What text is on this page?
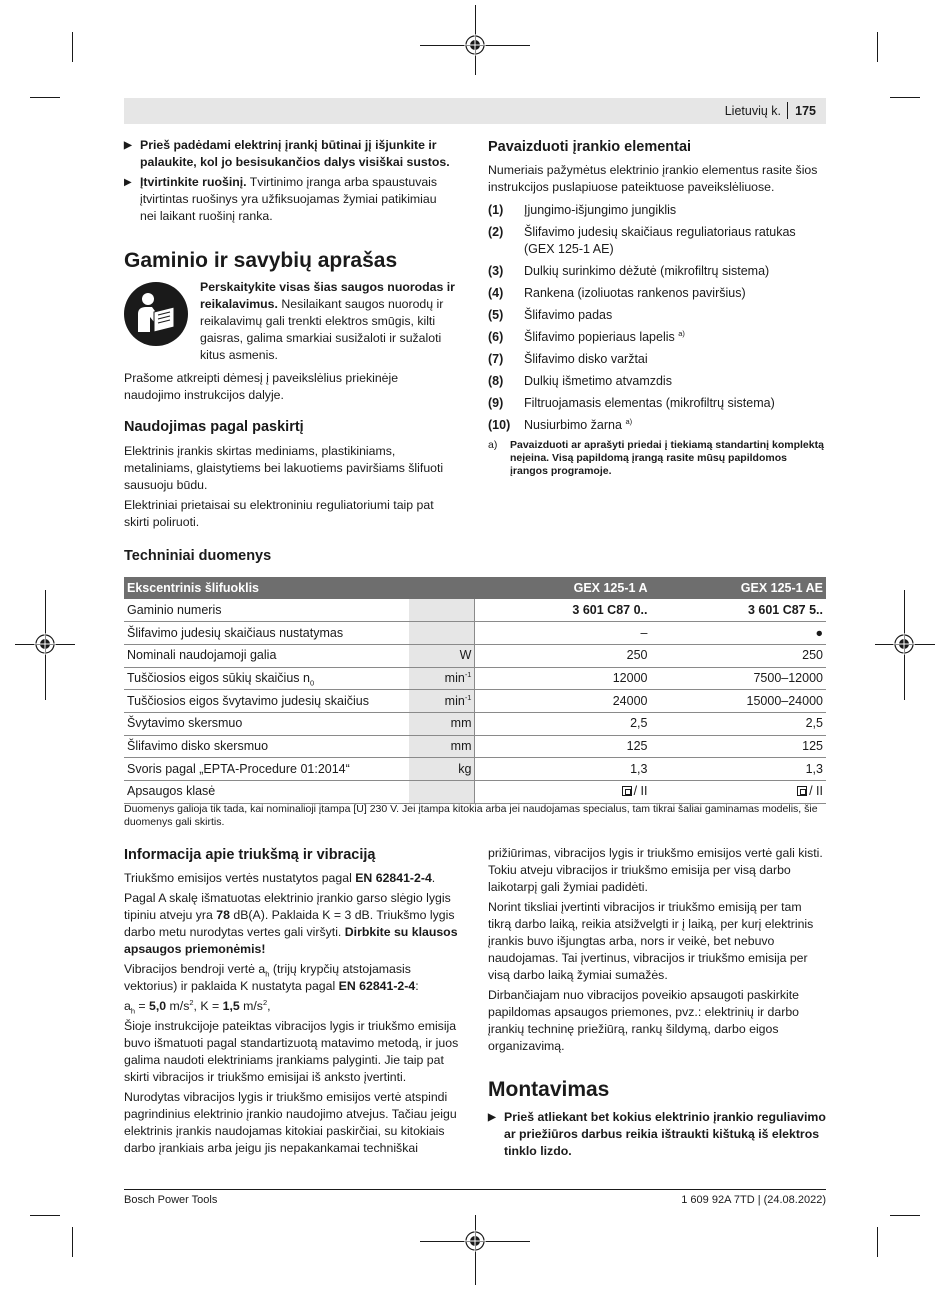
Lietuvių k. 175
▶ Prieš padėdami elektrinį įrankį būtinai jį išjunkite ir palaukite, kol jo besisukančios dalys visiškai sustos.
▶ Įtvirtinkite ruošinį. Tvirtinimo įranga arba spaustuvais įtvirtintas ruošinys yra užfiksuojamas žymiai patikimiau nei laikant ruošinį ranka.
Gaminio ir savybių aprašas

Perskaitykite visas šias saugos nuorodas ir reikalavimus. Nesilaikant saugos nuorodų ir reikalavimų gali trenkti elektros smūgis, kilti gaisras, galima smarkiai susižaloti ir sužaloti kitus asmenis.

Prašome atkreipti dėmesį į paveikslėlius priekinėje naudojimo instrukcijos dalyje.

Naudojimas pagal paskirtį

Elektrinis įrankis skirtas mediniams, plastikiniams, metaliniams, glaistytiems bei lakuotiems paviršiams šlifuoti sausuoju būdu.

Elektriniai prietaisai su elektroniniu reguliatoriumi taip pat skirti poliruoti.

Pavaizduoti įrankio elementai

Numeriais pažymėtus elektrinio įrankio elementus rasite šios instrukcijos puslapiuose pateiktuose paveikslėliuose.

(1) Įjungimo-išjungimo jungiklis
(2) Šlifavimo judesių skaičiaus reguliatoriaus ratukas (GEX 125-1 AE)
(3) Dulkių surinkimo dėžutė (mikrofiltrų sistema)
(4) Rankena (izoliuotas rankenos paviršius)
(5) Šlifavimo padas
(6) Šlifavimo popieriaus lapelis $^{a)}$
(7) Šlifavimo disko varžtai
(8) Dulkių išmetimo atvamzdis
(9) Filtruojamasis elementas (mikrofiltrų sistema)
(10) Nusiurbimo žarna $^{a)}$
a) Pavaizduoti ar aprašyti priedai į tiekiamą standartinį komplektą neįeina. Visą papildomą įrangą rasite mūsų papildomos įrangos programoje.
Techniniai duomenys
Ekscentrinis šlifuoklis		GEX 125-1 A	GEX 125-1 AE
Gaminio numeris		3 601 C87 0..	3 601 C87 5..
Šlifavimo judesių skaičiaus nustatymas		–	●
Nominali naudojamoji galia	W	250	250
Tuščiosios eigos sūkių skaičius $n_0$	$\min^{-1}$	12000	7500–12000
Tuščiosios eigos švytavimo judesių skaičius	$\min^{-1}$	24000	15000–24000
Švytavimo skersmuo	mm	2,5	2,5
Šlifavimo disko skersmuo	mm	125	125
Svoris pagal „EPTA-Procedure 01:2014“	kg	1,3	1,3
Apsaugos klasė		/ II	/ II
Duomenys galioja tik tada, kai nominalioji įtampa [U] 230 V. Jei įtampa kitokia arba jei naudojamas specialus, tam tikrai šaliai gaminamas modelis, šie duomenys gali skirtis.
Informacija apie triukšmą ir vibraciją

Triukšmo emisijos vertės nustatytos pagal EN 62841-2-4.

Pagal A skalę išmatuotas elektrinio įrankio garso slėgio lygis tipiniu atveju yra 78 dB(A). Paklaida K = 3 dB. Triukšmo lygis darbo metu nurodytas vertes gali viršyti. Dirbkite su klausos apsaugos priemonėmis!

Vibracijos bendroji vertė $a_h$ (trijų krypčių atstojamasis vektorius) ir paklaida K nustatyta pagal EN 62841-2-4:

$a_h = 5,0$ $m/s^2$, K = 1,5 $m/s^2$,

Šioje instrukcijoje pateiktas vibracijos lygis ir triukšmo emisija buvo išmatuoti pagal standartizuotą matavimo metodą, ir juos galima naudoti elektriniams įrankiams palyginti. Jie taip pat skirti vibracijos ir triukšmo emisijai iš anksto įvertinti.

Nurodytas vibracijos lygis ir triukšmo emisijos vertė atspindi pagrindinius elektrinio įrankio naudojimo atvejus. Tačiau jeigu elektrinis įrankis naudojamas kitokiai paskirčiai, su kitokiais darbo įrankiais arba jeigu jis nepakankamai techniškai

prižiūrimas, vibracijos lygis ir triukšmo emisijos vertė gali kisti. Tokiu atveju vibracijos ir triukšmo emisija per visą darbo laikotarpį gali žymiai padidėti.

Norint tiksliai įvertinti vibracijos ir triukšmo emisiją per tam tikrą darbo laiką, reikia atsižvelgti ir į laiką, per kurį elektrinis įrankis buvo išjungtas arba, nors ir veikė, bet nebuvo naudojamas. Tai įvertinus, vibracijos ir triukšmo emisija per visą darbo laiką žymiai sumažės.

Dirbančiajam nuo vibracijos poveikio apsaugoti paskirkite papildomas apsaugos priemones, pvz.: elektrinių ir darbo įrankių techninę priežiūrą, rankų šildymą, darbo eigos organizavimą.

Montavimas
▶ Prieš atliekant bet kokius elektrinio įrankio reguliavimo ar priežiūros darbus reikia ištraukti kištuką iš elektros tinklo lizdo.
Bosch Power Tools	1 609 92A 7TD | (24.08.2022)
